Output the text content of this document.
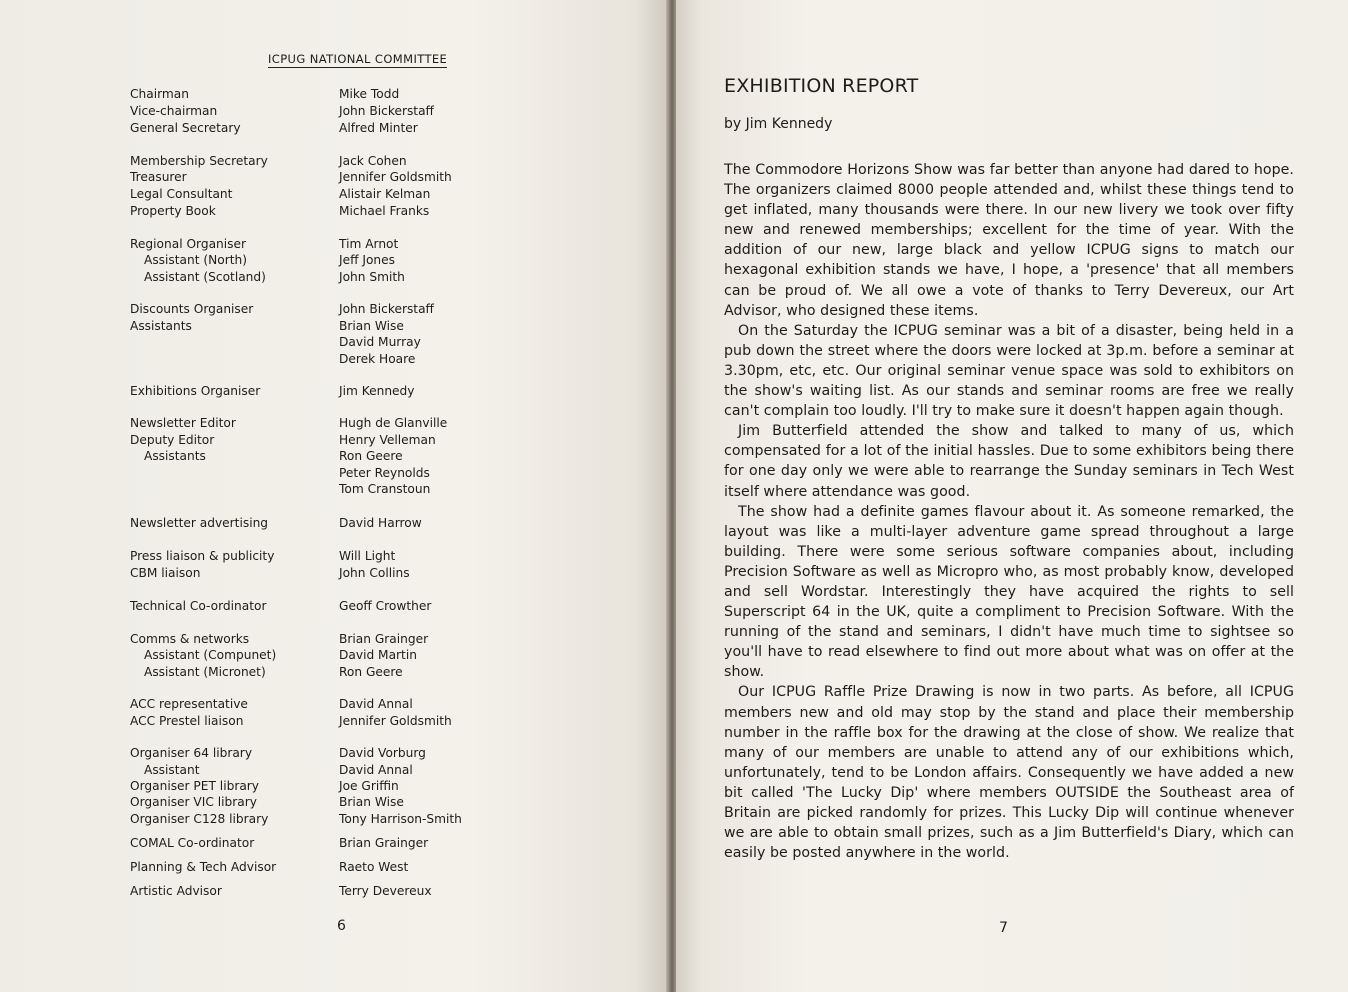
ICPUG NATIONAL COMMITTEE
Chairman	Mike Todd
Vice-chairman	John Bickerstaff
General Secretary	Alfred Minter
Membership Secretary	Jack Cohen
Treasurer	Jennifer Goldsmith
Legal Consultant	Alistair Kelman
Property Book	Michael Franks
Regional Organiser	Tim Arnot
Assistant (North)	Jeff Jones
Assistant (Scotland)	John Smith
Discounts Organiser	John Bickerstaff
Assistants	Brian Wise
David Murray
Derek Hoare
Exhibitions Organiser	Jim Kennedy
Newsletter Editor	Hugh de Glanville
Deputy Editor	Henry Velleman
Assistants	Ron Geere
Peter Reynolds
Tom Cranstoun
Newsletter advertising	David Harrow
Press liaison & publicity	Will Light
CBM liaison	John Collins
Technical Co-ordinator	Geoff Crowther
Comms & networks	Brian Grainger
Assistant (Compunet)	David Martin
Assistant (Micronet)	Ron Geere
ACC representative	David Annal
ACC Prestel liaison	Jennifer Goldsmith
Organiser 64 library	David Vorburg
Assistant	David Annal
Organiser PET library	Joe Griffin
Organiser VIC library	Brian Wise
Organiser C128 library	Tony Harrison-Smith
COMAL Co-ordinator	Brian Grainger
Planning & Tech Advisor	Raeto West
Artistic Advisor	Terry Devereux
6
EXHIBITION REPORT
by Jim Kennedy

The Commodore Horizons Show was far better than anyone had dared to hope. The organizers claimed 8000 people attended and, whilst these things tend to get inflated, many thousands were there. In our new livery we took over fifty new and renewed memberships; excellent for the time of year. With the addition of our new, large black and yellow ICPUG signs to match our hexagonal exhibition stands we have, I hope, a 'presence' that all members can be proud of. We all owe a vote of thanks to Terry Devereux, our Art Advisor, who designed these items.

On the Saturday the ICPUG seminar was a bit of a disaster, being held in a pub down the street where the doors were locked at 3p.m. before a seminar at 3.30pm, etc, etc. Our original seminar venue space was sold to exhibitors on the show's waiting list. As our stands and seminar rooms are free we really can't complain too loudly. I'll try to make sure it doesn't happen again though.

Jim Butterfield attended the show and talked to many of us, which compensated for a lot of the initial hassles. Due to some exhibitors being there for one day only we were able to rearrange the Sunday seminars in Tech West itself where attendance was good.

The show had a definite games flavour about it. As someone remarked, the layout was like a multi-layer adventure game spread throughout a large building. There were some serious software companies about, including Precision Software as well as Micropro who, as most probably know, developed and sell Wordstar. Interestingly they have acquired the rights to sell Superscript 64 in the UK, quite a compliment to Precision Software. With the running of the stand and seminars, I didn't have much time to sightsee so you'll have to read elsewhere to find out more about what was on offer at the show.

Our ICPUG Raffle Prize Drawing is now in two parts. As before, all ICPUG members new and old may stop by the stand and place their membership number in the raffle box for the drawing at the close of show. We realize that many of our members are unable to attend any of our exhibitions which, unfortunately, tend to be London affairs. Consequently we have added a new bit called 'The Lucky Dip' where members OUTSIDE the Southeast area of Britain are picked randomly for prizes. This Lucky Dip will continue whenever we are able to obtain small prizes, such as a Jim Butterfield's Diary, which can easily be posted anywhere in the world.

7
